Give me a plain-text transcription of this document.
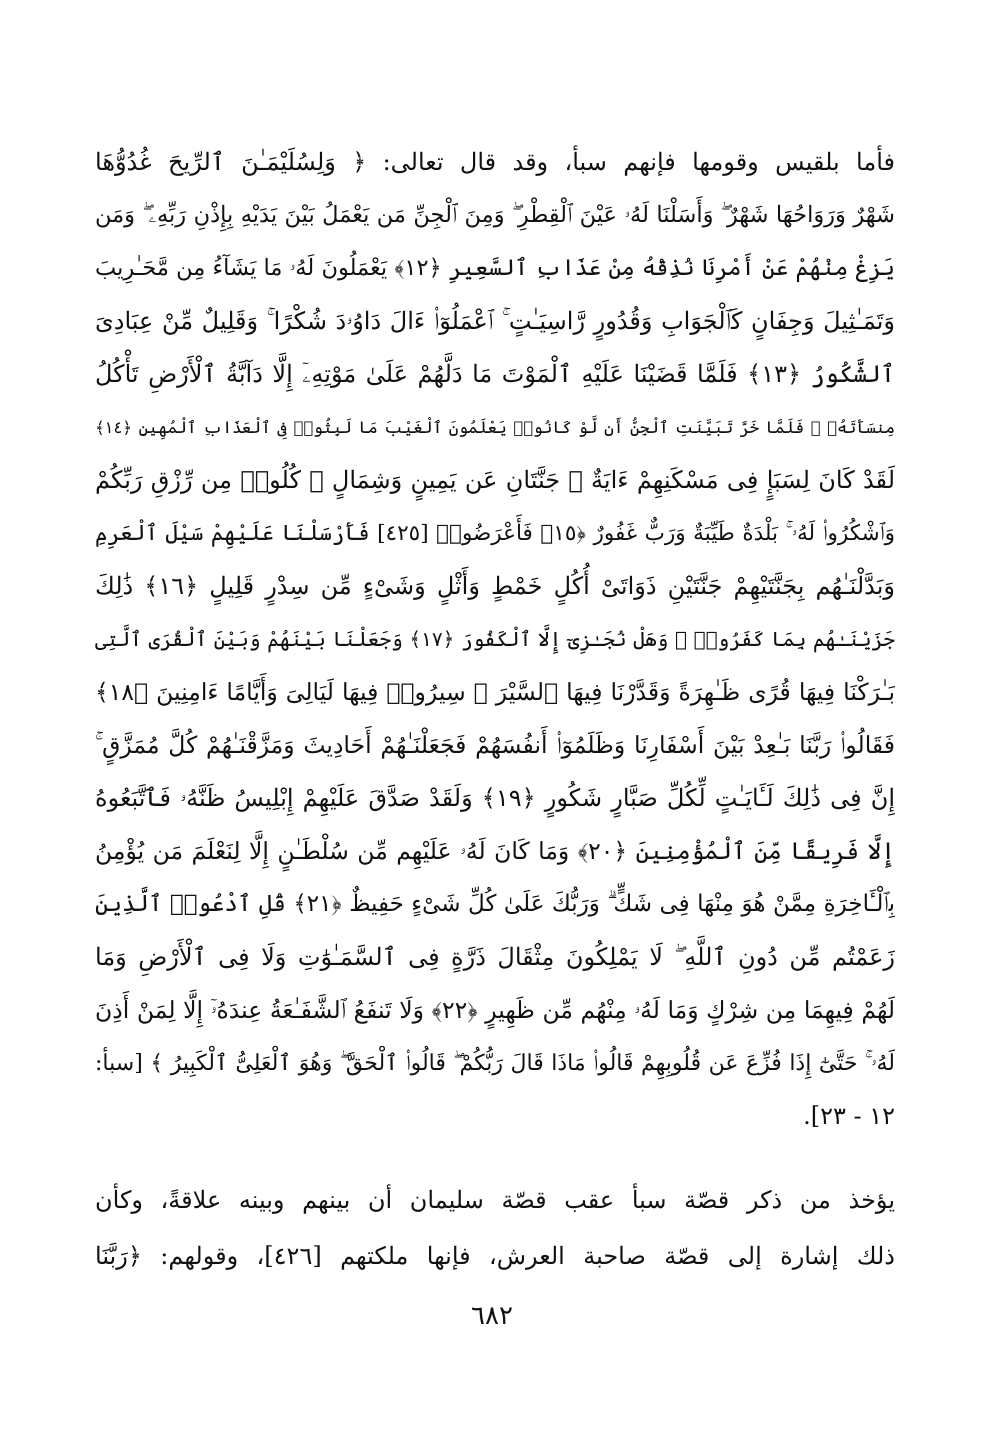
فأما بلقيس وقومها فإنهم سبأ، وقد قال تعالى: ﴿ وَلِسُلَيْمَـٰنَ ٱلرِّيحَ غُدُوُّهَا
شَهْرٌ وَرَوَاحُهَا شَهْرٌ ۖ وَأَسَلْنَا لَهُۥ عَيْنَ ٱلْقِطْرِ ۖ وَمِنَ ٱلْجِنِّ مَن يَعْمَلُ بَيْنَ يَدَيْهِ بِإِذْنِ رَبِّهِۦ ۖ وَمَن
يَزِغْ مِنْهُمْ عَنْ أَمْرِنَا نُذِقْهُ مِنْ عَذَابِ ٱلسَّعِيرِ ﴿١٢﴾ يَعْمَلُونَ لَهُۥ مَا يَشَآءُ مِن مَّحَـٰرِيبَ
وَتَمَـٰثِيلَ وَجِفَانٍ كَٱلْجَوَابِ وَقُدُورٍ رَّاسِيَـٰتٍ ۚ ٱعْمَلُوٓا۟ ءَالَ دَاوُۥدَ شُكْرًا ۚ وَقَلِيلٌ مِّنْ عِبَادِىَ
ٱلشَّكُورُ ﴿١٣﴾ فَلَمَّا قَضَيْنَا عَلَيْهِ ٱلْمَوْتَ مَا دَلَّهُمْ عَلَىٰ مَوْتِهِۦٓ إِلَّا دَآبَّةُ ٱلْأَرْضِ تَأْكُلُ
مِنسَأَتَهُۥ ۖ فَلَمَّا خَرَّ تَبَيَّنَتِ ٱلْجِنُّ أَن لَّوْ كَانُوا۟ يَعْلَمُونَ ٱلْغَيْبَ مَا لَبِثُوا۟ فِى ٱلْعَذَابِ ٱلْمُهِينِ ﴿١٤﴾
لَقَدْ كَانَ لِسَبَإٍ فِى مَسْكَنِهِمْ ءَايَةٌ ۖ جَنَّتَانِ عَن يَمِينٍ وَشِمَالٍ ۖ كُلُوا۟ مِن رِّزْقِ رَبِّكُمْ
وَٱشْكُرُوا۟ لَهُۥ ۚ بَلْدَةٌ طَيِّبَةٌ وَرَبٌّ غَفُورٌ ﴿١٥﴾ فَأَعْرَضُوا۟ [٤٢٥] فَأَرْسَلْنَا عَلَيْهِمْ سَيْلَ ٱلْعَرِمِ
وَبَدَّلْنَـٰهُم بِجَنَّتَيْهِمْ جَنَّتَيْنِ ذَوَاتَىْ أُكُلٍ خَمْطٍ وَأَثْلٍ وَشَىْءٍ مِّن سِدْرٍ قَلِيلٍ ﴿١٦﴾ ذَٰلِكَ
جَزَيْنَـٰهُم بِمَا كَفَرُوا۟ ۖ وَهَلْ نُجَـٰزِىٓ إِلَّا ٱلْكَفُورَ ﴿١٧﴾ وَجَعَلْنَا بَيْنَهُمْ وَبَيْنَ ٱلْقُرَى ٱلَّتِى
بَـٰرَكْنَا فِيهَا قُرًى ظَـٰهِرَةً وَقَدَّرْنَا فِيهَا ٱلسَّيْرَ ۖ سِيرُوا۟ فِيهَا لَيَالِىَ وَأَيَّامًا ءَامِنِينَ ﴿١٨﴾
فَقَالُوا۟ رَبَّنَا بَـٰعِدْ بَيْنَ أَسْفَارِنَا وَظَلَمُوٓا۟ أَنفُسَهُمْ فَجَعَلْنَـٰهُمْ أَحَادِيثَ وَمَزَّقْنَـٰهُمْ كُلَّ مُمَزَّقٍ ۚ
إِنَّ فِى ذَٰلِكَ لَـَٔايَـٰتٍ لِّكُلِّ صَبَّارٍ شَكُورٍ ﴿١٩﴾ وَلَقَدْ صَدَّقَ عَلَيْهِمْ إِبْلِيسُ ظَنَّهُۥ فَٱتَّبَعُوهُ
إِلَّا فَرِيقًا مِّنَ ٱلْمُؤْمِنِينَ ﴿٢٠﴾ وَمَا كَانَ لَهُۥ عَلَيْهِم مِّن سُلْطَـٰنٍ إِلَّا لِنَعْلَمَ مَن يُؤْمِنُ
بِٱلْـَٔاخِرَةِ مِمَّنْ هُوَ مِنْهَا فِى شَكٍّ ۗ وَرَبُّكَ عَلَىٰ كُلِّ شَىْءٍ حَفِيظٌ ﴿٢١﴾ قُلِ ٱدْعُوا۟ ٱلَّذِينَ
زَعَمْتُم مِّن دُونِ ٱللَّهِ ۖ لَا يَمْلِكُونَ مِثْقَالَ ذَرَّةٍ فِى ٱلسَّمَـٰوَٰتِ وَلَا فِى ٱلْأَرْضِ وَمَا
لَهُمْ فِيهِمَا مِن شِرْكٍ وَمَا لَهُۥ مِنْهُم مِّن ظَهِيرٍ ﴿٢٢﴾ وَلَا تَنفَعُ ٱلشَّفَـٰعَةُ عِندَهُۥٓ إِلَّا لِمَنْ أَذِنَ
لَهُۥ ۚ حَتَّىٰٓ إِذَا فُزِّعَ عَن قُلُوبِهِمْ قَالُوا۟ مَاذَا قَالَ رَبُّكُمْ ۖ قَالُوا۟ ٱلْحَقَّ ۖ وَهُوَ ٱلْعَلِىُّ ٱلْكَبِيرُ ﴾ [سبأ:
١٢ - ٢٣].
يؤخذ من ذكر قصّة سبأ عقب قصّة سليمان أن بينهم وبينه علاقةً، وكأن
ذلك إشارة إلى قصّة صاحبة العرش، فإنها ملكتهم [٤٢٦]، وقولهم: ﴿رَبَّنَا
٦٨٢
